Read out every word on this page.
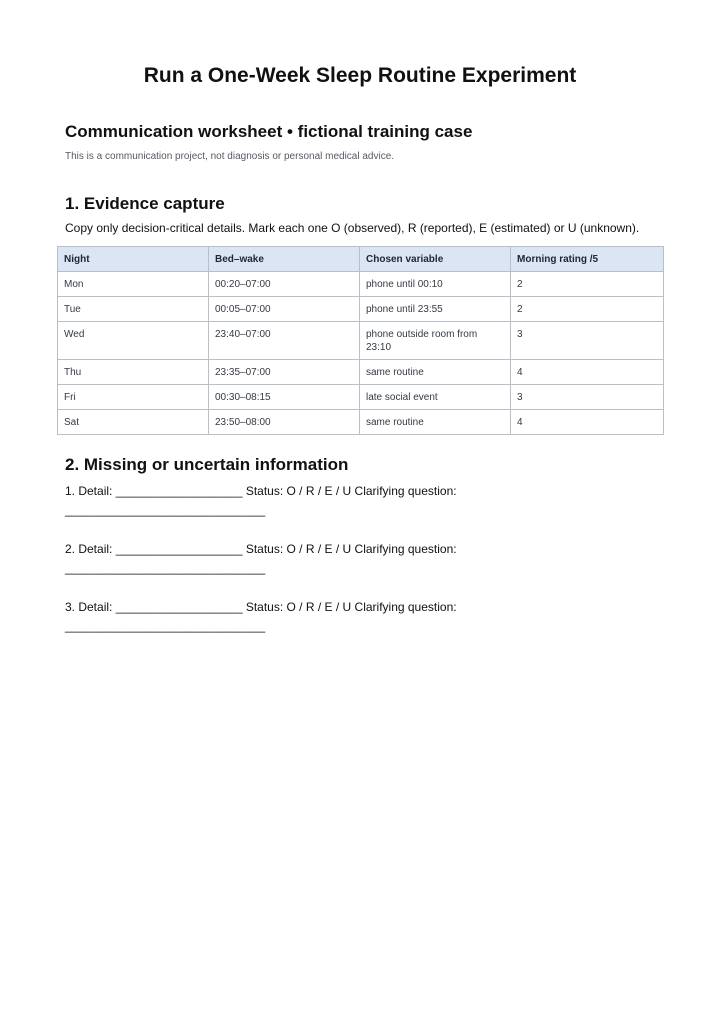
Run a One-Week Sleep Routine Experiment

Communication worksheet • fictional training case

This is a communication project, not diagnosis or personal medical advice.

1. Evidence capture

Copy only decision-critical details. Mark each one O (observed), R (reported), E (estimated) or U (unknown).

Night	Bed–wake	Chosen variable	Morning rating /5
Mon	00:20–07:00	phone until 00:10	2
Tue	00:05–07:00	phone until 23:55	2
Wed	23:40–07:00	phone outside room from 23:10	3
Thu	23:35–07:00	same routine	4
Fri	00:30–08:15	late social event	3
Sat	23:50–08:00	same routine	4

2. Missing or uncertain information

1. Detail: ___________________ Status: O / R / E / U Clarifying question:
______________________________

2. Detail: ___________________ Status: O / R / E / U Clarifying question:
______________________________

3. Detail: ___________________ Status: O / R / E / U Clarifying question:
______________________________
